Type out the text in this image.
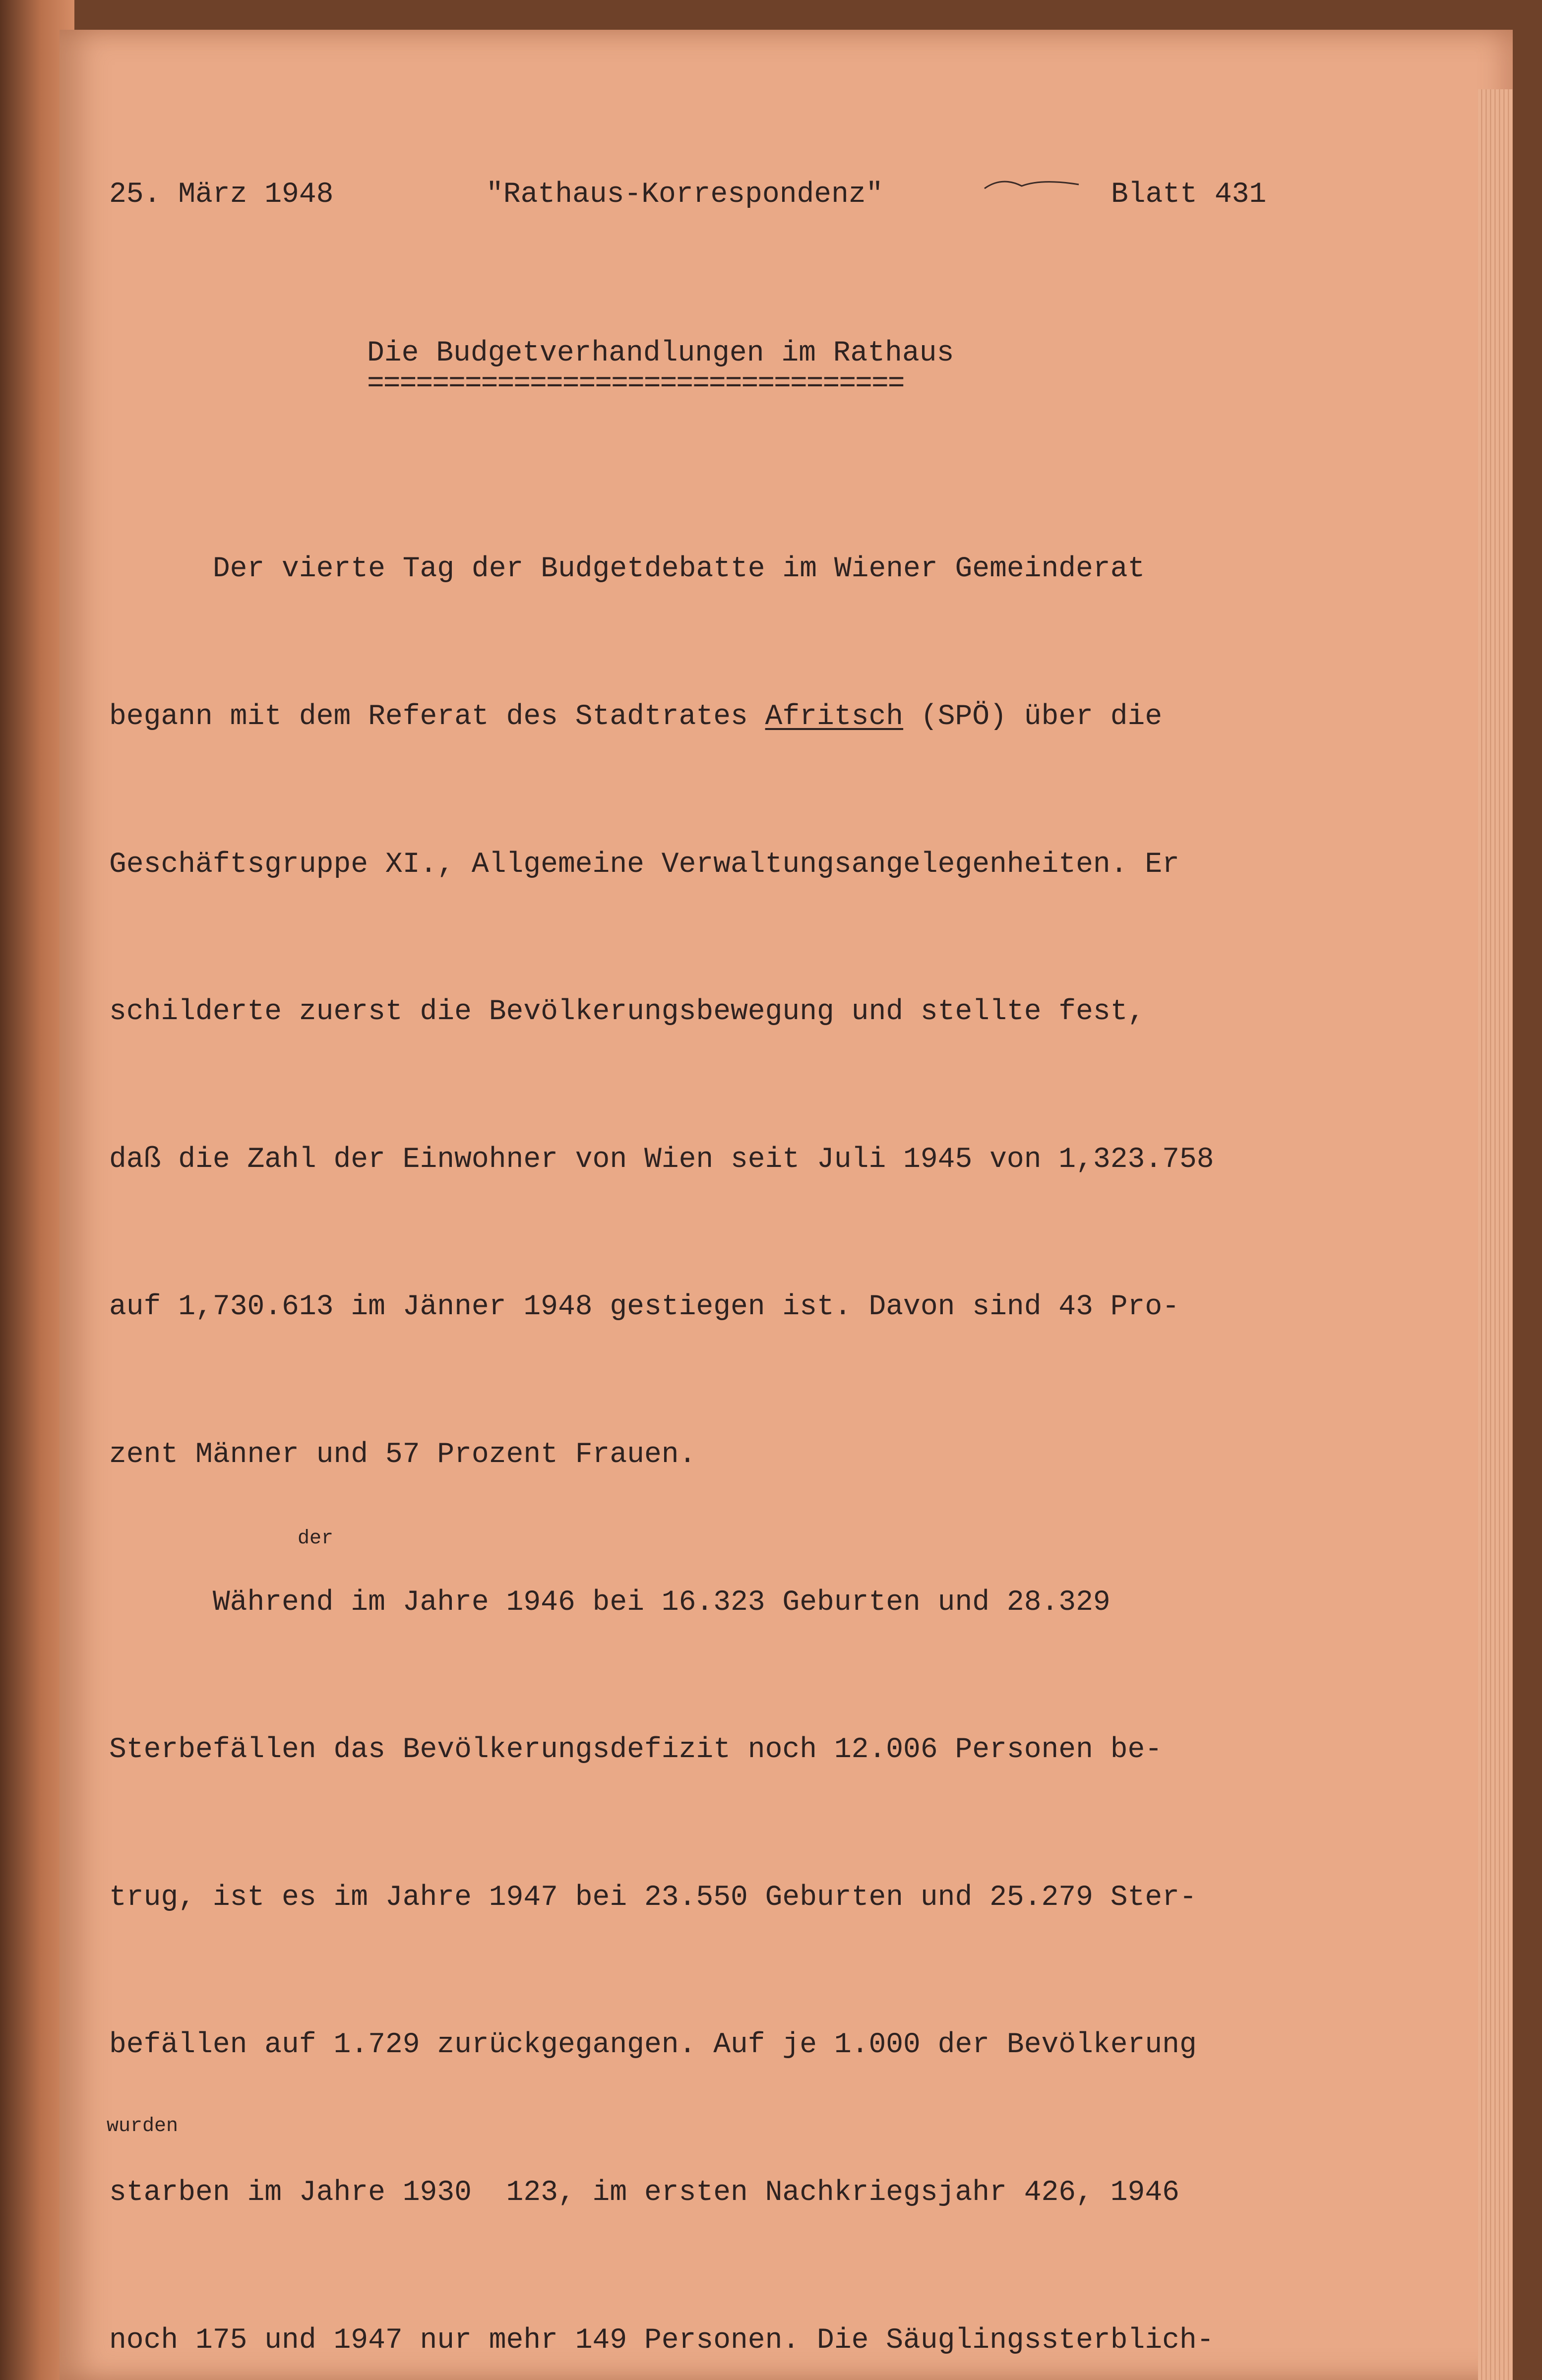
25. März 1948

	"Rathaus-Korrespondenz"

	Blatt 431

Die Budgetverhandlungen im Rathaus
=================================

Der vierte Tag der Budgetdebatte im Wiener Gemeinderat

begann mit dem Referat des Stadtrates Afritsch (SPÖ) über die

Geschäftsgruppe XI., Allgemeine Verwaltungsangelegenheiten. Er

schilderte zuerst die Bevölkerungsbewegung und stellte fest,

daß die Zahl der Einwohner von Wien seit Juli 1945 von 1,323.758

auf 1,730.613 im Jänner 1948 gestiegen ist. Davon sind 43 Pro-

zent Männer und 57 Prozent Frauen.

Während im Jahre 1946 bei 16.323 Geburten und 28.329

Sterbefällen das Bevölkerungsdefizit noch 12.006 Personen be-

trug, ist es im Jahre 1947 bei 23.550 Geburten und 25.279 Ster-

befällen auf 1.729 zurückgegangen. Auf je 1.000 der Bevölkerung

starben im Jahre 1930  123, im ersten Nachkriegsjahr 426, 1946

noch 175 und 1947 nur mehr 149 Personen. Die Säuglingssterblich-

der
wurden
